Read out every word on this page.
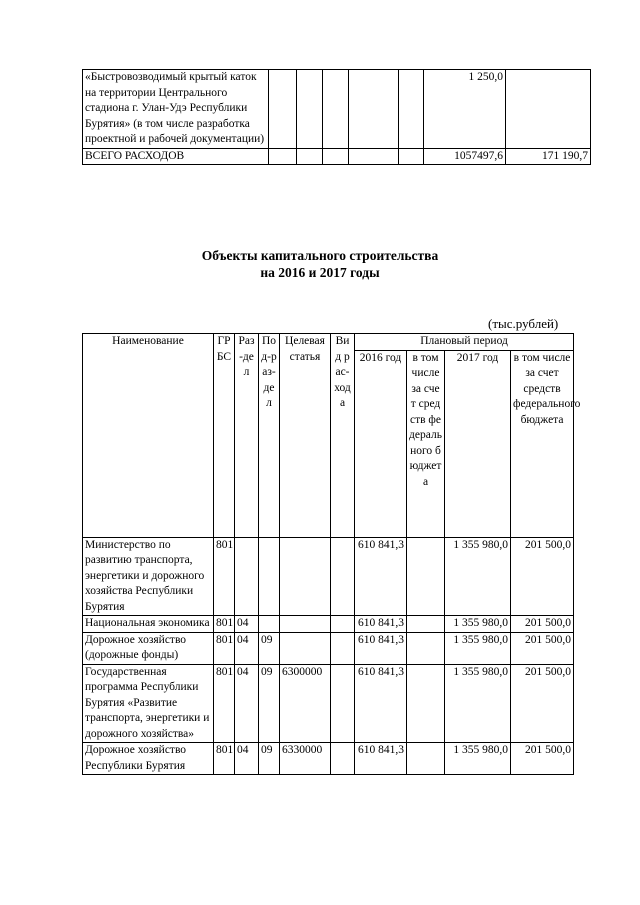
«Быстровозводимый крытый каток на территории Центрального стадиона г. Улан-Удэ Республики Бурятия» (в том числе разработка проектной и рабочей документации)						1 250,0	
ВСЕГО РАСХОДОВ						1057497,6	171 190,7
Объекты капитального строительства
на 2016 и 2017 годы
(тыс.рублей)
Наименование	ГРБС	Раз-дел	По д-раз-дел	Целевая статья	Вид рас-хода	Плановый период			
						2016 год	в том числе за счет средств федерального бюджета	2017 год	в том числе за счет средств федерального бюджета
Министерство по развитию транспорта, энергетики и дорожного хозяйства Республики Бурятия	801					610 841,3		1 355 980,0	201 500,0
Национальная экономика	801	04				610 841,3		1 355 980,0	201 500,0
Дорожное хозяйство (дорожные фонды)	801	04	09			610 841,3		1 355 980,0	201 500,0
Государственная программа Республики Бурятия «Развитие транспорта, энергетики и дорожного хозяйства»	801	04	09	6300000		610 841,3		1 355 980,0	201 500,0
Дорожное хозяйство Республики Бурятия	801	04	09	6330000		610 841,3		1 355 980,0	201 500,0
